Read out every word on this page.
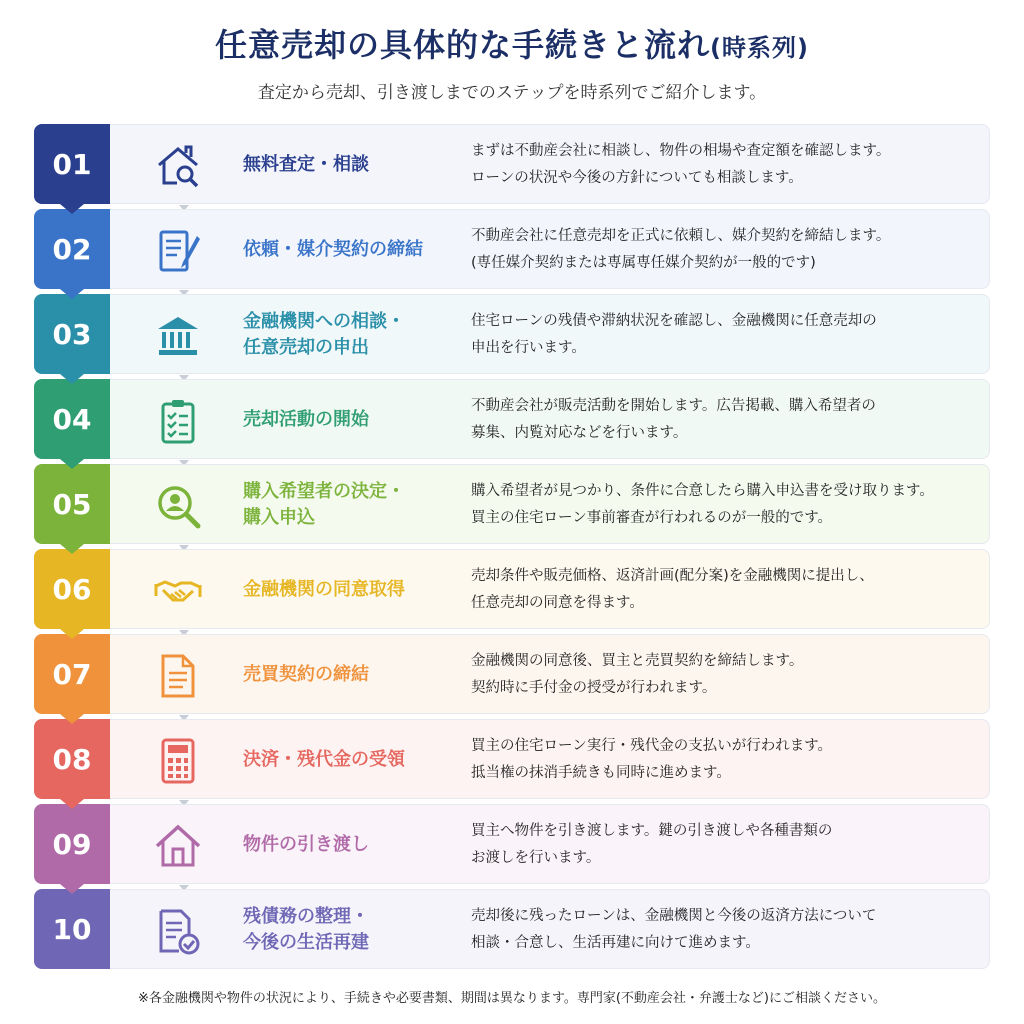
任意売却の具体的な手続きと流れ(時系列)
査定から売却、引き渡しまでのステップを時系列でご紹介します。
01	無料査定・相談
まずは不動産会社に相談し、物件の相場や査定額を確認します。
ローンの状況や今後の方針についても相談します。
02	依頼・媒介契約の締結
不動産会社に任意売却を正式に依頼し、媒介契約を締結します。
(専任媒介契約または専属専任媒介契約が一般的です)
03	金融機関への相談・
任意売却の申出
住宅ローンの残債や滞納状況を確認し、金融機関に任意売却の
申出を行います。
04	売却活動の開始
不動産会社が販売活動を開始します。広告掲載、購入希望者の
募集、内覧対応などを行います。
05	購入希望者の決定・
購入申込
購入希望者が見つかり、条件に合意したら購入申込書を受け取ります。
買主の住宅ローン事前審査が行われるのが一般的です。
06	金融機関の同意取得
売却条件や販売価格、返済計画(配分案)を金融機関に提出し、
任意売却の同意を得ます。
07	売買契約の締結
金融機関の同意後、買主と売買契約を締結します。
契約時に手付金の授受が行われます。
08	決済・残代金の受領
買主の住宅ローン実行・残代金の支払いが行われます。
抵当権の抹消手続きも同時に進めます。
09	物件の引き渡し
買主へ物件を引き渡します。鍵の引き渡しや各種書類の
お渡しを行います。
10	残債務の整理・
今後の生活再建
売却後に残ったローンは、金融機関と今後の返済方法について
相談・合意し、生活再建に向けて進めます。
※各金融機関や物件の状況により、手続きや必要書類、期間は異なります。専門家(不動産会社・弁護士など)にご相談ください。
